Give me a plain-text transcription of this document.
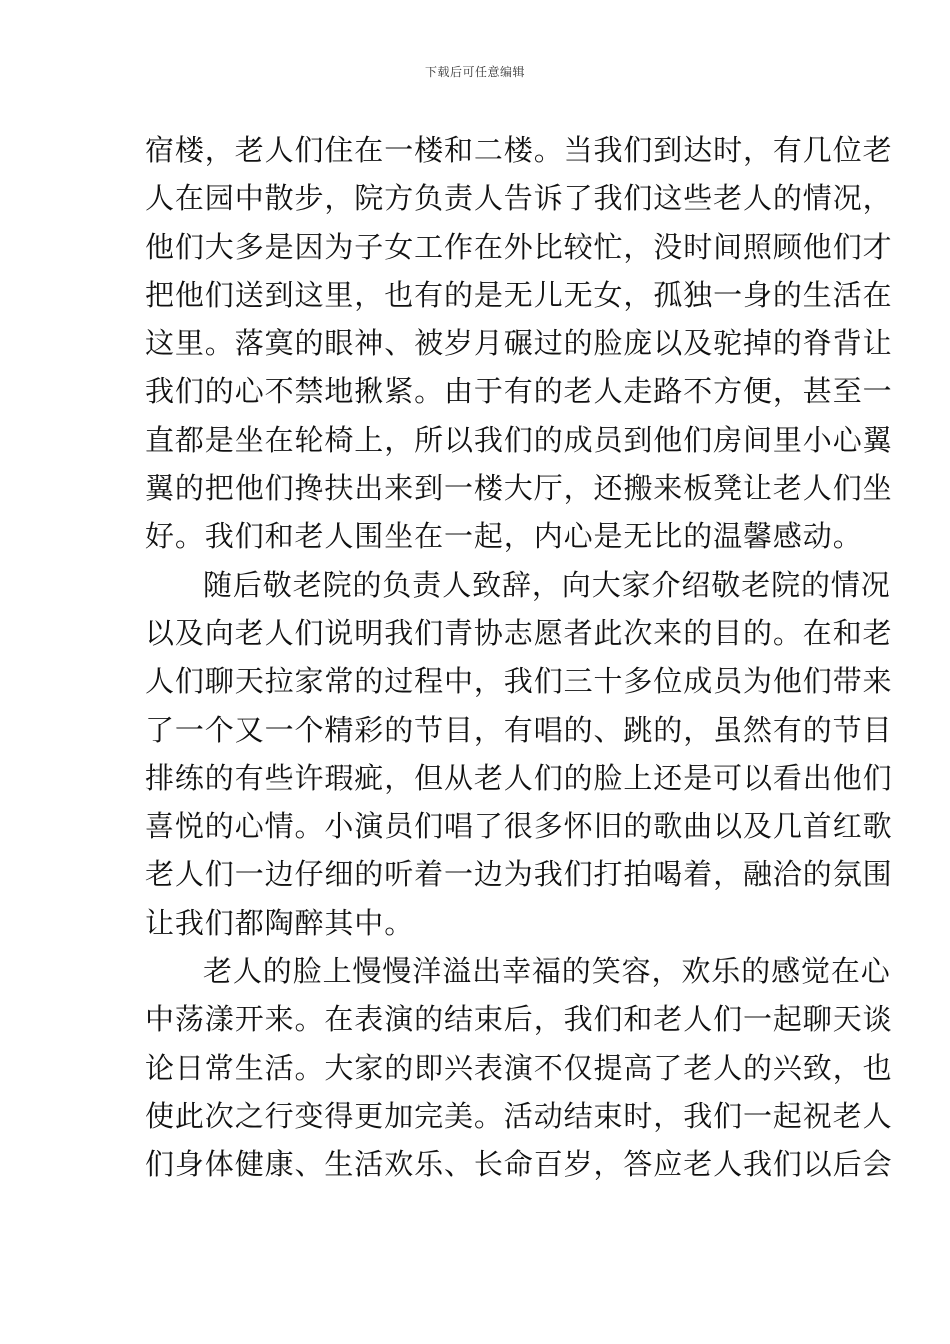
下载后可任意编辑
宿楼，老人们住在一楼和二楼。当我们到达时，有几位老
人在园中散步，院方负责人告诉了我们这些老人的情况，
他们大多是因为子女工作在外比较忙，没时间照顾他们才
把他们送到这里，也有的是无儿无女，孤独一身的生活在
这里。落寞的眼神、被岁月碾过的脸庞以及驼掉的脊背让
我们的心不禁地揪紧。由于有的老人走路不方便，甚至一
直都是坐在轮椅上，所以我们的成员到他们房间里小心翼
翼的把他们搀扶出来到一楼大厅，还搬来板凳让老人们坐
好。我们和老人围坐在一起，内心是无比的温馨感动。
随后敬老院的负责人致辞，向大家介绍敬老院的情况
以及向老人们说明我们青协志愿者此次来的目的。在和老
人们聊天拉家常的过程中，我们三十多位成员为他们带来
了一个又一个精彩的节目，有唱的、跳的，虽然有的节目
排练的有些许瑕疵，但从老人们的脸上还是可以看出他们
喜悦的心情。小演员们唱了很多怀旧的歌曲以及几首红歌
老人们一边仔细的听着一边为我们打拍喝着，融洽的氛围
让我们都陶醉其中。
老人的脸上慢慢洋溢出幸福的笑容，欢乐的感觉在心
中荡漾开来。在表演的结束后，我们和老人们一起聊天谈
论日常生活。大家的即兴表演不仅提高了老人的兴致，也
使此次之行变得更加完美。活动结束时，我们一起祝老人
们身体健康、生活欢乐、长命百岁，答应老人我们以后会
